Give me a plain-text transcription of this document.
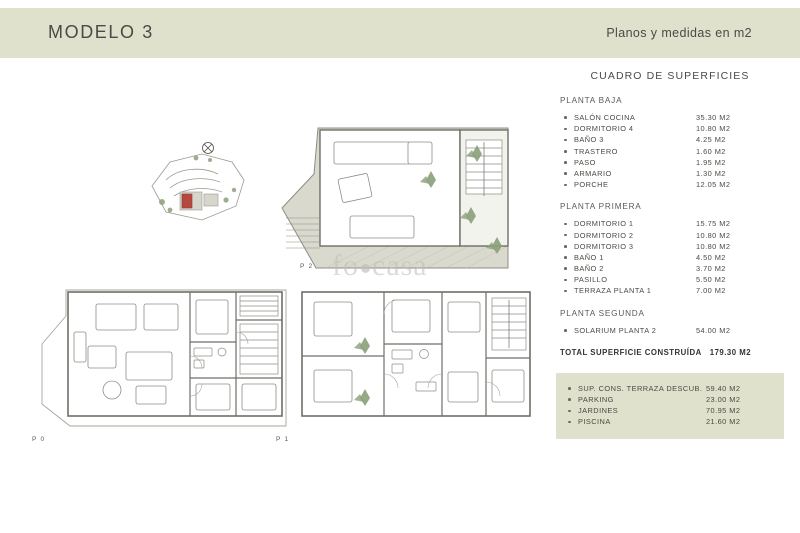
MODELO 3	Planos y medidas en m2
P 2
P 0	P 1
fo casa
CUADRO DE SUPERFICIES
PLANTA BAJA
SALÓN COCINA	35.30 M2
DORMITORIO 4	10.80 M2
BAÑO 3	4.25 M2
TRASTERO	1.60 M2
PASO	1.95 M2
ARMARIO	1.30 M2
PORCHE	12.05 M2
PLANTA PRIMERA
DORMITORIO 1	15.75 M2
DORMITORIO 2	10.80 M2
DORMITORIO 3	10.80 M2
BAÑO 1	4.50 M2
BAÑO 2	3.70 M2
PASILLO	5.50 M2
TERRAZA PLANTA 1	7.00 M2
PLANTA SEGUNDA
SOLARIUM PLANTA 2	54.00 M2
TOTAL SUPERFICIE CONSTRUÍDA 179.30 M2
SUP. CONS. TERRAZA DESCUB. 59.40 M2
PARKING	23.00 M2
JARDINES	70.95 M2
PISCINA	21.60 M2
